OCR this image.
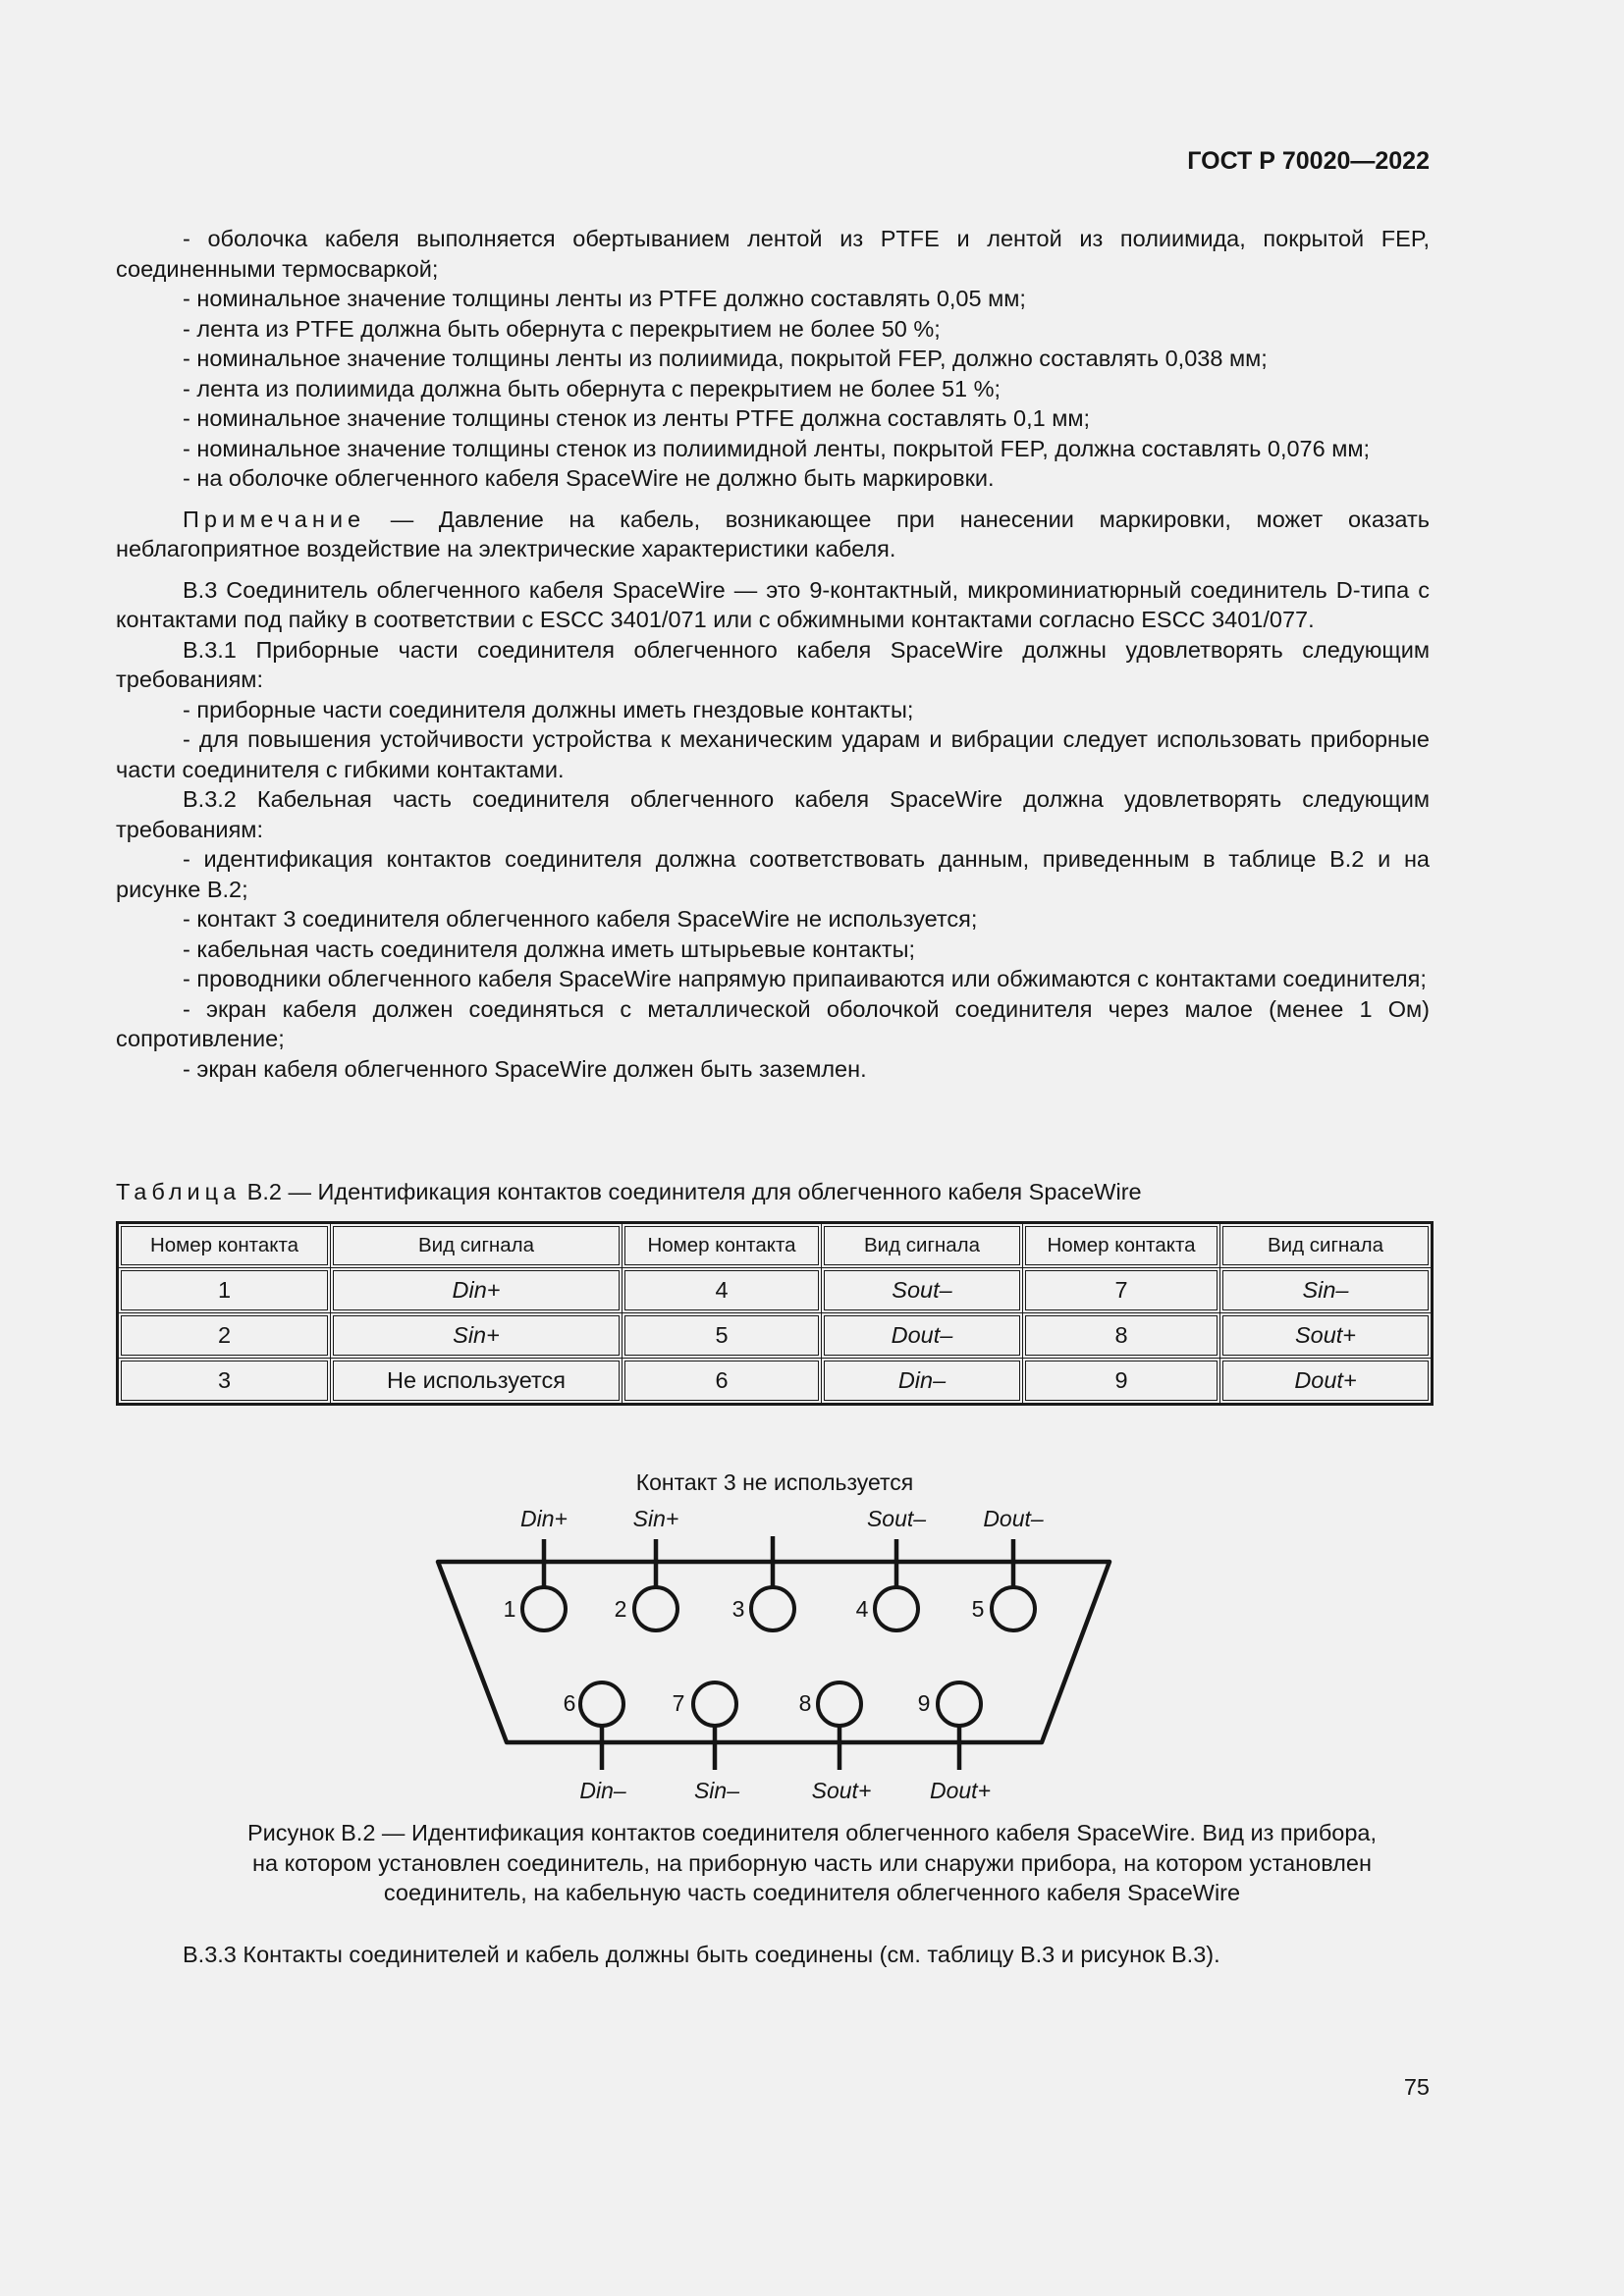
ГОСТ Р 70020—2022

- оболочка кабеля выполняется обертыванием лентой из PTFE и лентой из полиимида, покрытой FEP, соединенными термосваркой;

- номинальное значение толщины ленты из PTFE должно составлять 0,05 мм;

- лента из PTFE должна быть обернута с перекрытием не более 50 %;

- номинальное значение толщины ленты из полиимида, покрытой FEP, должно составлять 0,038 мм;

- лента из полиимида должна быть обернута с перекрытием не более 51 %;

- номинальное значение толщины стенок из ленты PTFE должна составлять 0,1 мм;

- номинальное значение толщины стенок из полиимидной ленты, покрытой FEP, должна составлять 0,076 мм;

- на оболочке облегченного кабеля SpaceWire не должно быть маркировки.

Примечание — Давление на кабель, возникающее при нанесении маркировки, может оказать неблагоприятное воздействие на электрические характеристики кабеля.

В.3 Соединитель облегченного кабеля SpaceWire — это 9-контактный, микроминиатюрный соединитель D-типа с контактами под пайку в соответствии с ESCC 3401/071 или с обжимными контактами согласно ESCC 3401/077.

В.3.1 Приборные части соединителя облегченного кабеля SpaceWire должны удовлетворять следующим требованиям:

- приборные части соединителя должны иметь гнездовые контакты;

- для повышения устойчивости устройства к механическим ударам и вибрации следует использовать приборные части соединителя с гибкими контактами.

В.3.2 Кабельная часть соединителя облегченного кабеля SpaceWire должна удовлетворять следующим требованиям:

- идентификация контактов соединителя должна соответствовать данным, приведенным в таблице В.2 и на рисунке В.2;

- контакт 3 соединителя облегченного кабеля SpaceWire не используется;

- кабельная часть соединителя должна иметь штырьевые контакты;

- проводники облегченного кабеля SpaceWire напрямую припаиваются или обжимаются с контактами соединителя;

- экран кабеля должен соединяться с металлической оболочкой соединителя через малое (менее 1 Ом) сопротивление;

- экран кабеля облегченного SpaceWire должен быть заземлен.

Таблица В.2 — Идентификация контактов соединителя для облегченного кабеля SpaceWire
Номер контакта	Вид сигнала	Номер контакта	Вид сигнала	Номер контакта	Вид сигнала
1	Din+	4	Sout–	7	Sin–
2	Sin+	5	Dout–	8	Sout+
3	Не используется	6	Din–	9	Dout+
Контакт 3 не используется
Din+	Sin+	Sout–	Dout–
1	2	3	4	5
6	7	8	9
Din–	Sin–	Sout+	Dout+
Рисунок В.2 — Идентификация контактов соединителя облегченного кабеля SpaceWire. Вид из прибора,
на котором установлен соединитель, на приборную часть или снаружи прибора, на котором установлен
соединитель, на кабельную часть соединителя облегченного кабеля SpaceWire
В.3.3 Контакты соединителей и кабель должны быть соединены (см. таблицу В.3 и рисунок В.3).
75
